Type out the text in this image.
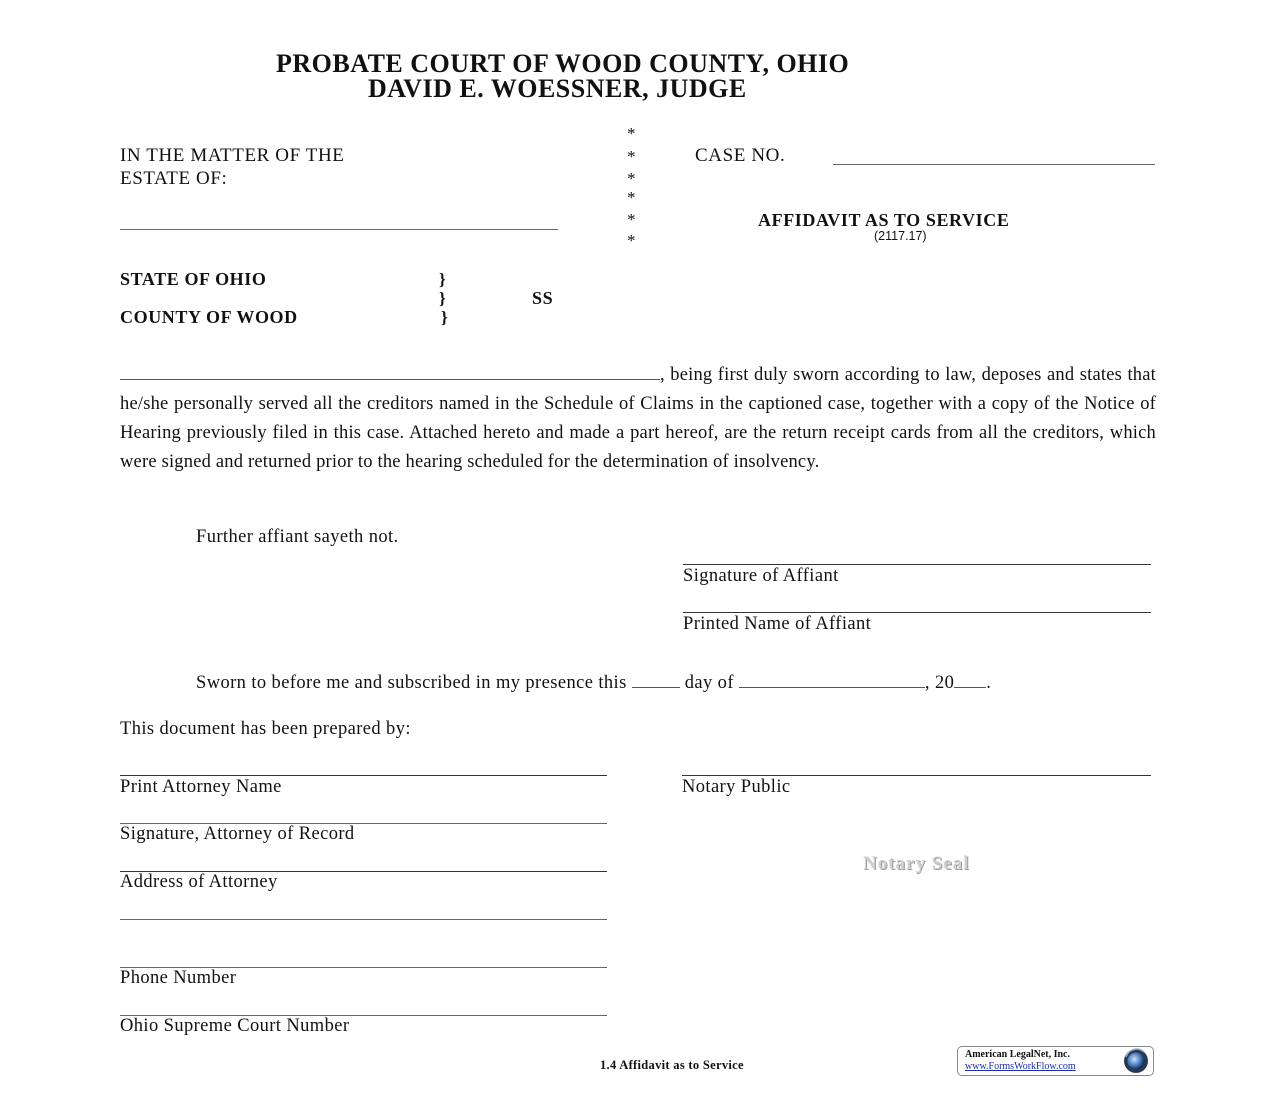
PROBATE COURT OF WOOD COUNTY, OHIO
DAVID E. WOESSNER, JUDGE
IN THE MATTER OF THE
ESTATE OF:
*
*
*
*
*
*
CASE NO.
AFFIDAVIT AS TO SERVICE
(2117.17)
STATE OF OHIO
COUNTY OF WOOD
}
}
}
SS
, being first duly sworn according to law, deposes and states that he/she personally served all the creditors named in the Schedule of Claims in the captioned case, together with a copy of the Notice of Hearing previously filed in this case. Attached hereto and made a part hereof, are the return receipt cards from all the creditors, which were signed and returned prior to the hearing scheduled for the determination of insolvency.
Further affiant sayeth not.
Signature of Affiant
Printed Name of Affiant
Sworn to before me and subscribed in my presence this	day of	, 20 .
This document has been prepared by:
Print Attorney Name
Signature, Attorney of Record
Address of Attorney
Phone Number
Ohio Supreme Court Number
Notary Public
Notary Seal
1.4 Affidavit as to Service
American LegalNet, Inc.
www.FormsWorkFlow.com
